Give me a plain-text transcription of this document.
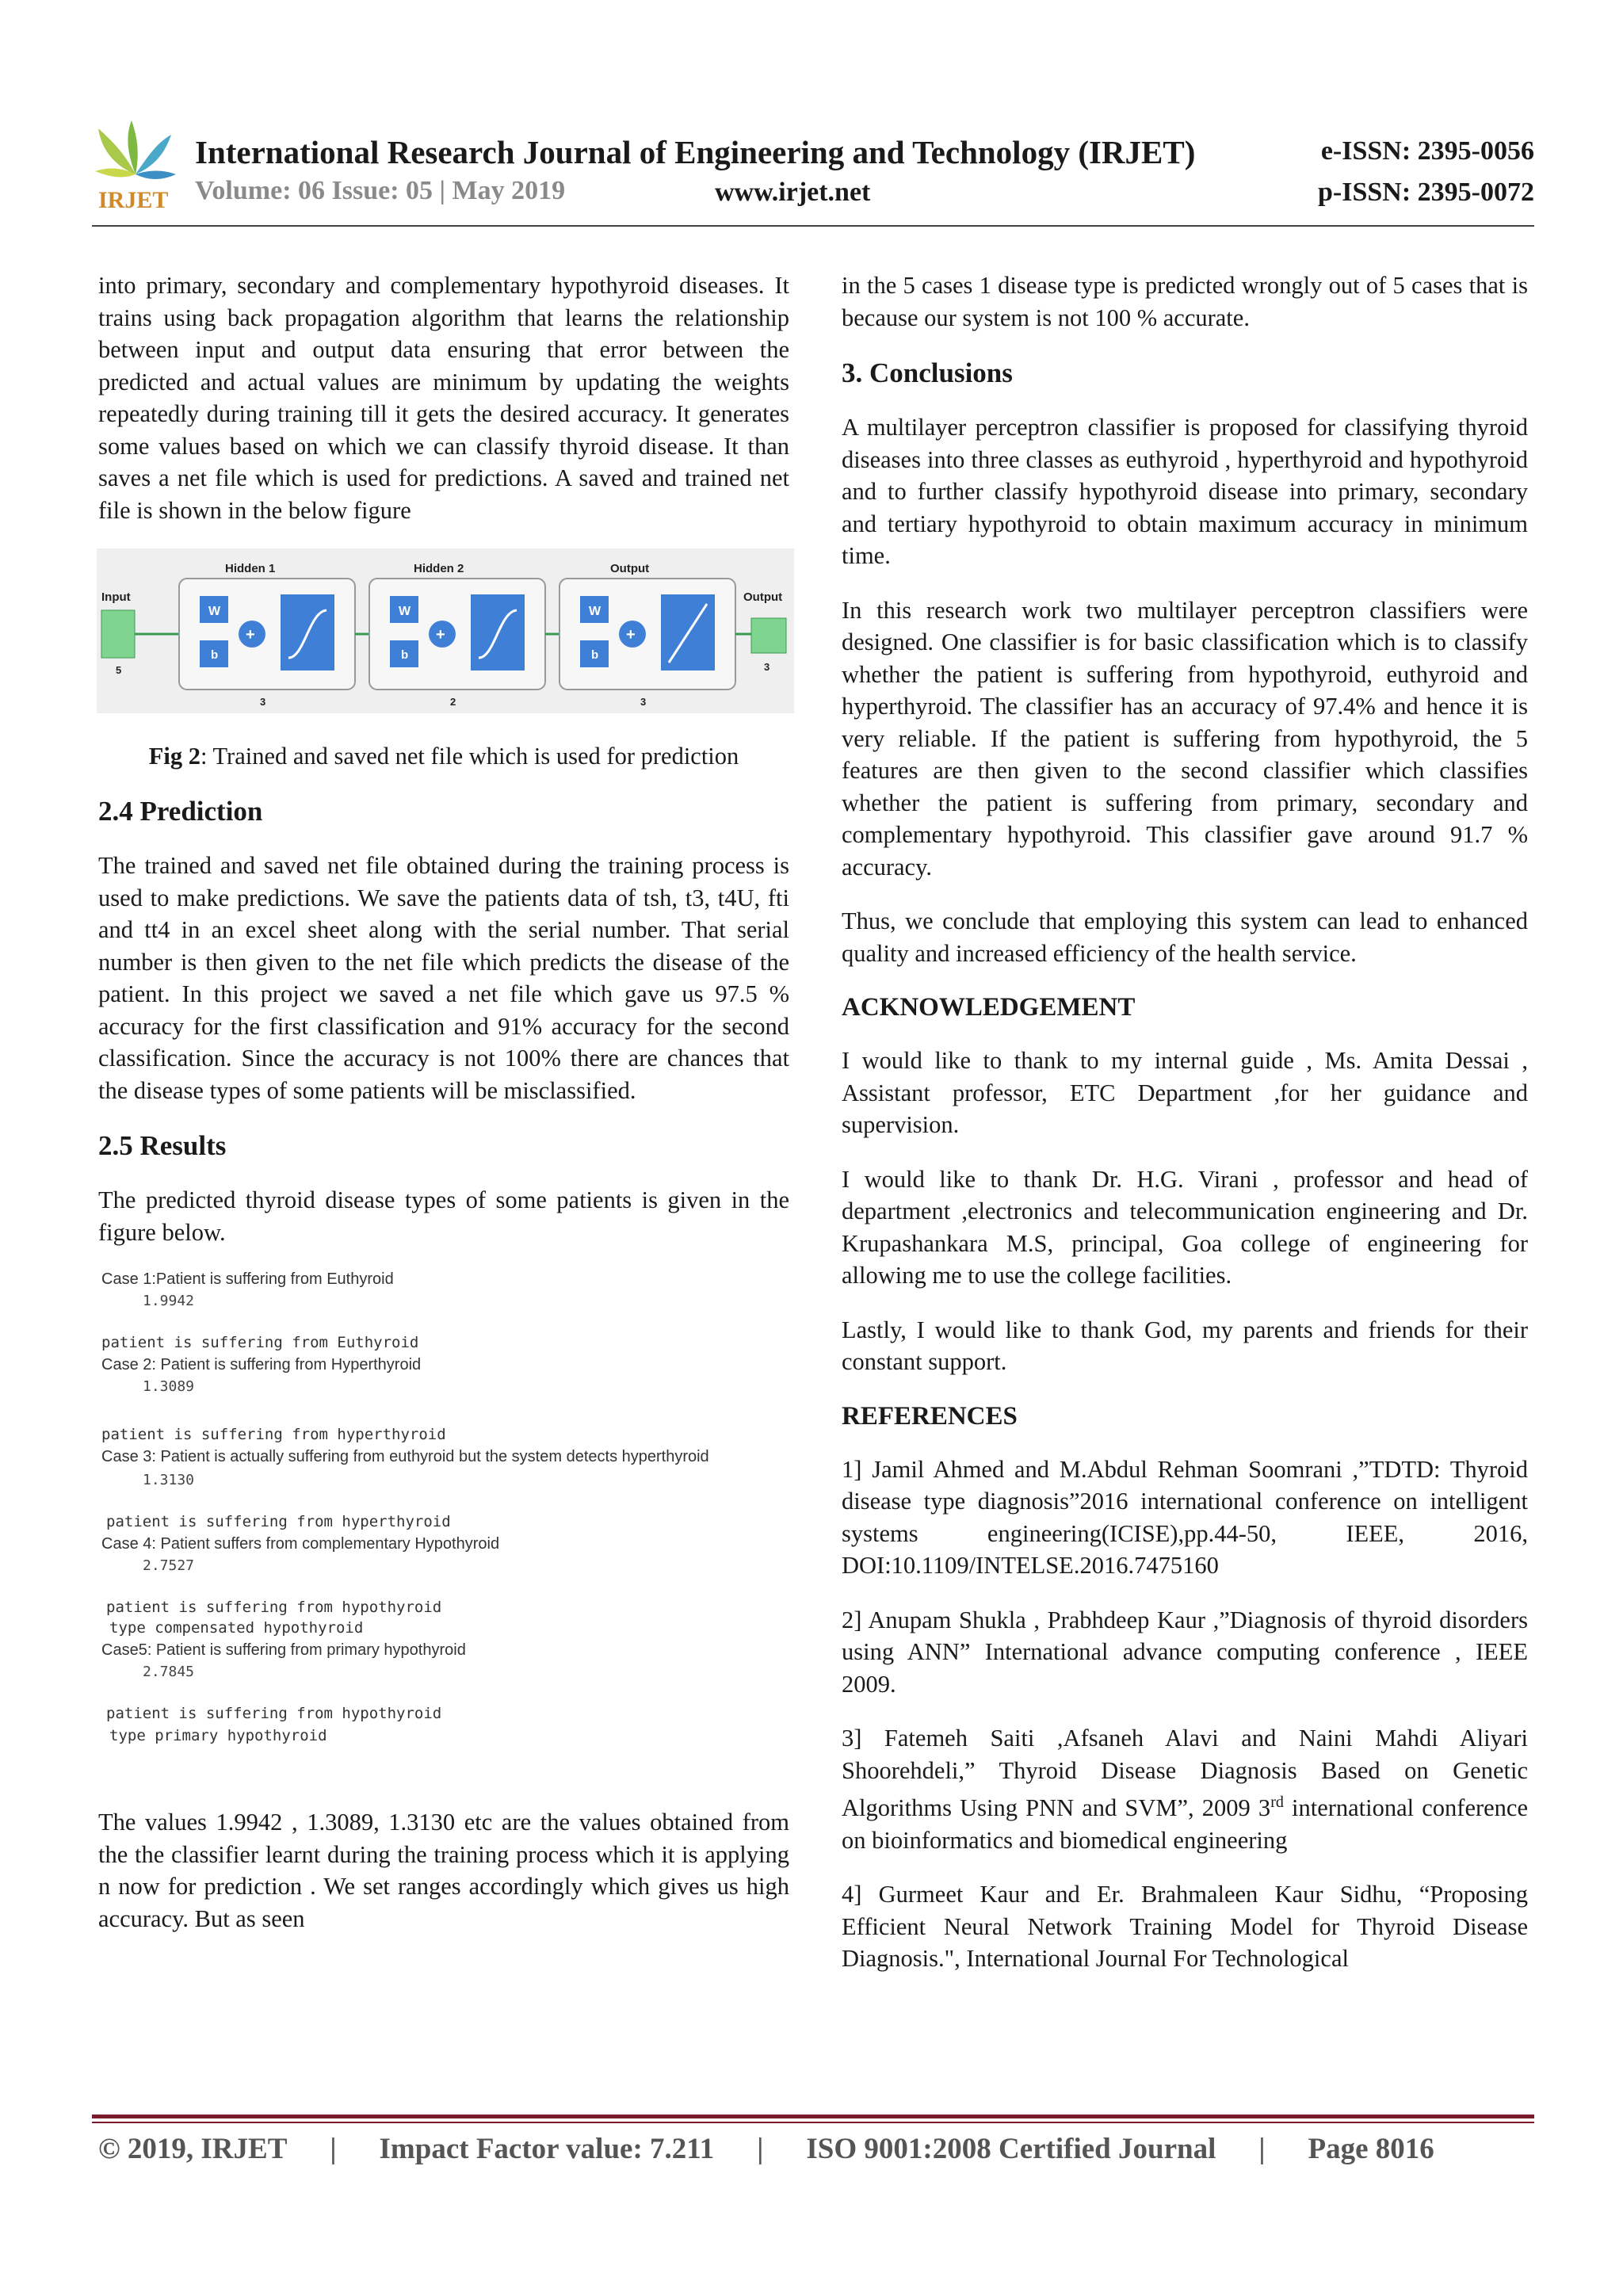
IRJET
International Research Journal of Engineering and Technology (IRJET)	e-ISSN: 2395-0056
Volume: 06 Issue: 05 | May 2019	www.irjet.net	p-ISSN: 2395-0072

into primary, secondary and complementary hypothyroid diseases. It trains using back propagation algorithm that learns the relationship between input and output data ensuring that error between the predicted and actual values are minimum by updating the weights repeatedly during training till it gets the desired accuracy. It generates some values based on which we can classify thyroid disease. It than saves a net file which is used for predictions. A saved and trained net file is shown in the below figure

Input
5
Hidden 1
W
b
+
3
Hidden 2
W
b
+
2
Output
W
b
+
3
Output
3
Fig 2: Trained and saved net file which is used for prediction
2.4 Prediction

The trained and saved net file obtained during the training process is used to make predictions. We save the patients data of tsh, t3, t4U, fti and tt4 in an excel sheet along with the serial number. That serial number is then given to the net file which predicts the disease of the patient. In this project we saved a net file which gave us 97.5 % accuracy for the first classification and 91% accuracy for the second classification. Since the accuracy is not 100% there are chances that the disease types of some patients will be misclassified.

2.5 Results

The predicted thyroid disease types of some patients is given in the figure below.

Case 1:Patient is suffering from Euthyroid
1.9942
patient is suffering from Euthyroid
Case 2: Patient is suffering from Hyperthyroid
1.3089
patient is suffering from hyperthyroid
Case 3: Patient is actually suffering from euthyroid but the system detects hyperthyroid
1.3130
patient is suffering from hyperthyroid
Case 4: Patient suffers from complementary Hypothyroid
2.7527
patient is suffering from hypothyroid
type compensated hypothyroid
Case5: Patient is suffering from primary hypothyroid
2.7845
patient is suffering from hypothyroid
type primary hypothyroid

The values 1.9942 , 1.3089, 1.3130 etc are the values obtained from the the classifier learnt during the training process which it is applying n now for prediction . We set ranges accordingly which gives us high accuracy. But as seen

in the 5 cases 1 disease type is predicted wrongly out of 5 cases that is because our system is not 100 % accurate.

3. Conclusions

A multilayer perceptron classifier is proposed for classifying thyroid diseases into three classes as euthyroid , hyperthyroid and hypothyroid and to further classify hypothyroid disease into primary, secondary and tertiary hypothyroid to obtain maximum accuracy in minimum time.

In this research work two multilayer perceptron classifiers were designed. One classifier is for basic classification which is to classify whether the patient is suffering from hypothyroid, euthyroid and hyperthyroid. The classifier has an accuracy of 97.4% and hence it is very reliable. If the patient is suffering from hypothyroid, the 5 features are then given to the second classifier which classifies whether the patient is suffering from primary, secondary and complementary hypothyroid. This classifier gave around 91.7 % accuracy.

Thus, we conclude that employing this system can lead to enhanced quality and increased efficiency of the health service.

ACKNOWLEDGEMENT

I would like to thank to my internal guide , Ms. Amita Dessai , Assistant professor, ETC Department ,for her guidance and supervision.

I would like to thank Dr. H.G. Virani , professor and head of department ,electronics and telecommunication engineering and Dr. Krupashankara M.S, principal, Goa college of engineering for allowing me to use the college facilities.

Lastly, I would like to thank God, my parents and friends for their constant support.

REFERENCES

1] Jamil Ahmed and M.Abdul Rehman Soomrani ,”TDTD: Thyroid disease type diagnosis”2016 international conference on intelligent systems engineering(ICISE),pp.44-50, IEEE, 2016, DOI:10.1109/INTELSE.2016.7475160

2] Anupam Shukla , Prabhdeep Kaur ,”Diagnosis of thyroid disorders using ANN” International advance computing conference , IEEE 2009.

3] Fatemeh Saiti ,Afsaneh Alavi and Naini Mahdi Aliyari Shoorehdeli,” Thyroid Disease Diagnosis Based on Genetic Algorithms Using PNN and SVM”, 2009 3rd international conference on bioinformatics and biomedical engineering

4] Gurmeet Kaur and Er. Brahmaleen Kaur Sidhu, “Proposing Efficient Neural Network Training Model for Thyroid Disease Diagnosis.", International Journal For Technological

© 2019, IRJET | Impact Factor value: 7.211 | ISO 9001:2008 Certified Journal | Page 8016
